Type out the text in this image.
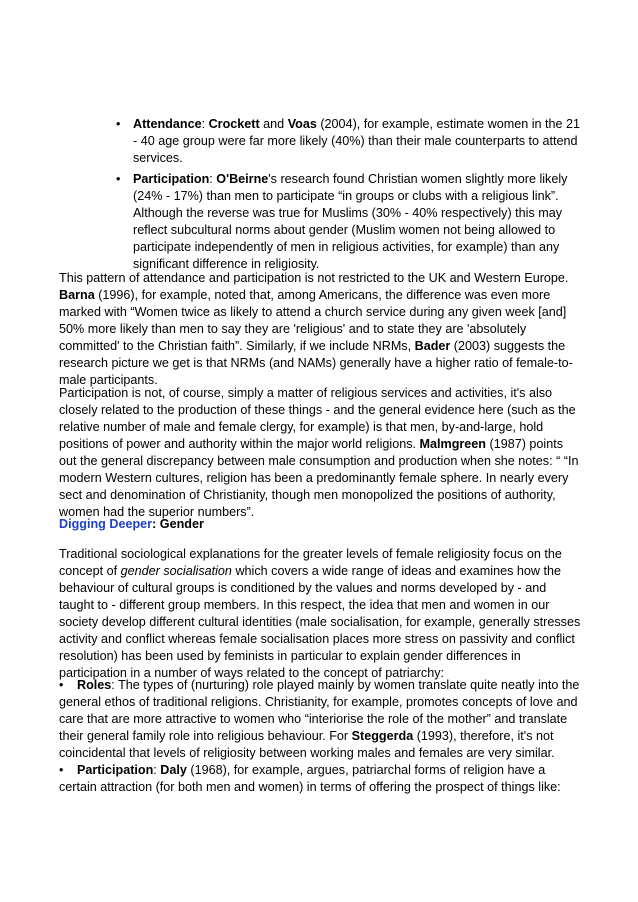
• Attendance: Crockett and Voas (2004), for example, estimate women in the 21 - 40 age group were far more likely (40%) than their male counterparts to attend services.
• Participation: O'Beirne's research found Christian women slightly more likely (24% - 17%) than men to participate “in groups or clubs with a religious link”. Although the reverse was true for Muslims (30% - 40% respectively) this may reflect subcultural norms about gender (Muslim women not being allowed to participate independently of men in religious activities, for example) than any significant difference in religiosity.

This pattern of attendance and participation is not restricted to the UK and Western Europe. Barna (1996), for example, noted that, among Americans, the difference was even more marked with “Women twice as likely to attend a church service during any given week [and] 50% more likely than men to say they are 'religious' and to state they are 'absolutely committed' to the Christian faith”. Similarly, if we include NRMs, Bader (2003) suggests the research picture we get is that NRMs (and NAMs) generally have a higher ratio of female-to-male participants.

Participation is not, of course, simply a matter of religious services and activities, it's also closely related to the production of these things - and the general evidence here (such as the relative number of male and female clergy, for example) is that men, by-and-large, hold positions of power and authority within the major world religions. Malmgreen (1987) points out the general discrepancy between male consumption and production when she notes: “ “In modern Western cultures, religion has been a predominantly female sphere. In nearly every sect and denomination of Christianity, though men monopolized the positions of authority, women had the superior numbers”.

Digging Deeper: Gender

Traditional sociological explanations for the greater levels of female religiosity focus on the concept of gender socialisation which covers a wide range of ideas and examines how the behaviour of cultural groups is conditioned by the values and norms developed by - and taught to - different group members. In this respect, the idea that men and women in our society develop different cultural identities (male socialisation, for example, generally stresses activity and conflict whereas female socialisation places more stress on passivity and conflict resolution) has been used by feminists in particular to explain gender differences in participation in a number of ways related to the concept of patriarchy:

• Roles: The types of (nurturing) role played mainly by women translate quite neatly into the general ethos of traditional religions. Christianity, for example, promotes concepts of love and care that are more attractive to women who “interiorise the role of the mother” and translate their general family role into religious behaviour. For Steggerda (1993), therefore, it's not coincidental that levels of religiosity between working males and females are very similar.

• Participation: Daly (1968), for example, argues, patriarchal forms of religion have a certain attraction (for both men and women) in terms of offering the prospect of things like:
